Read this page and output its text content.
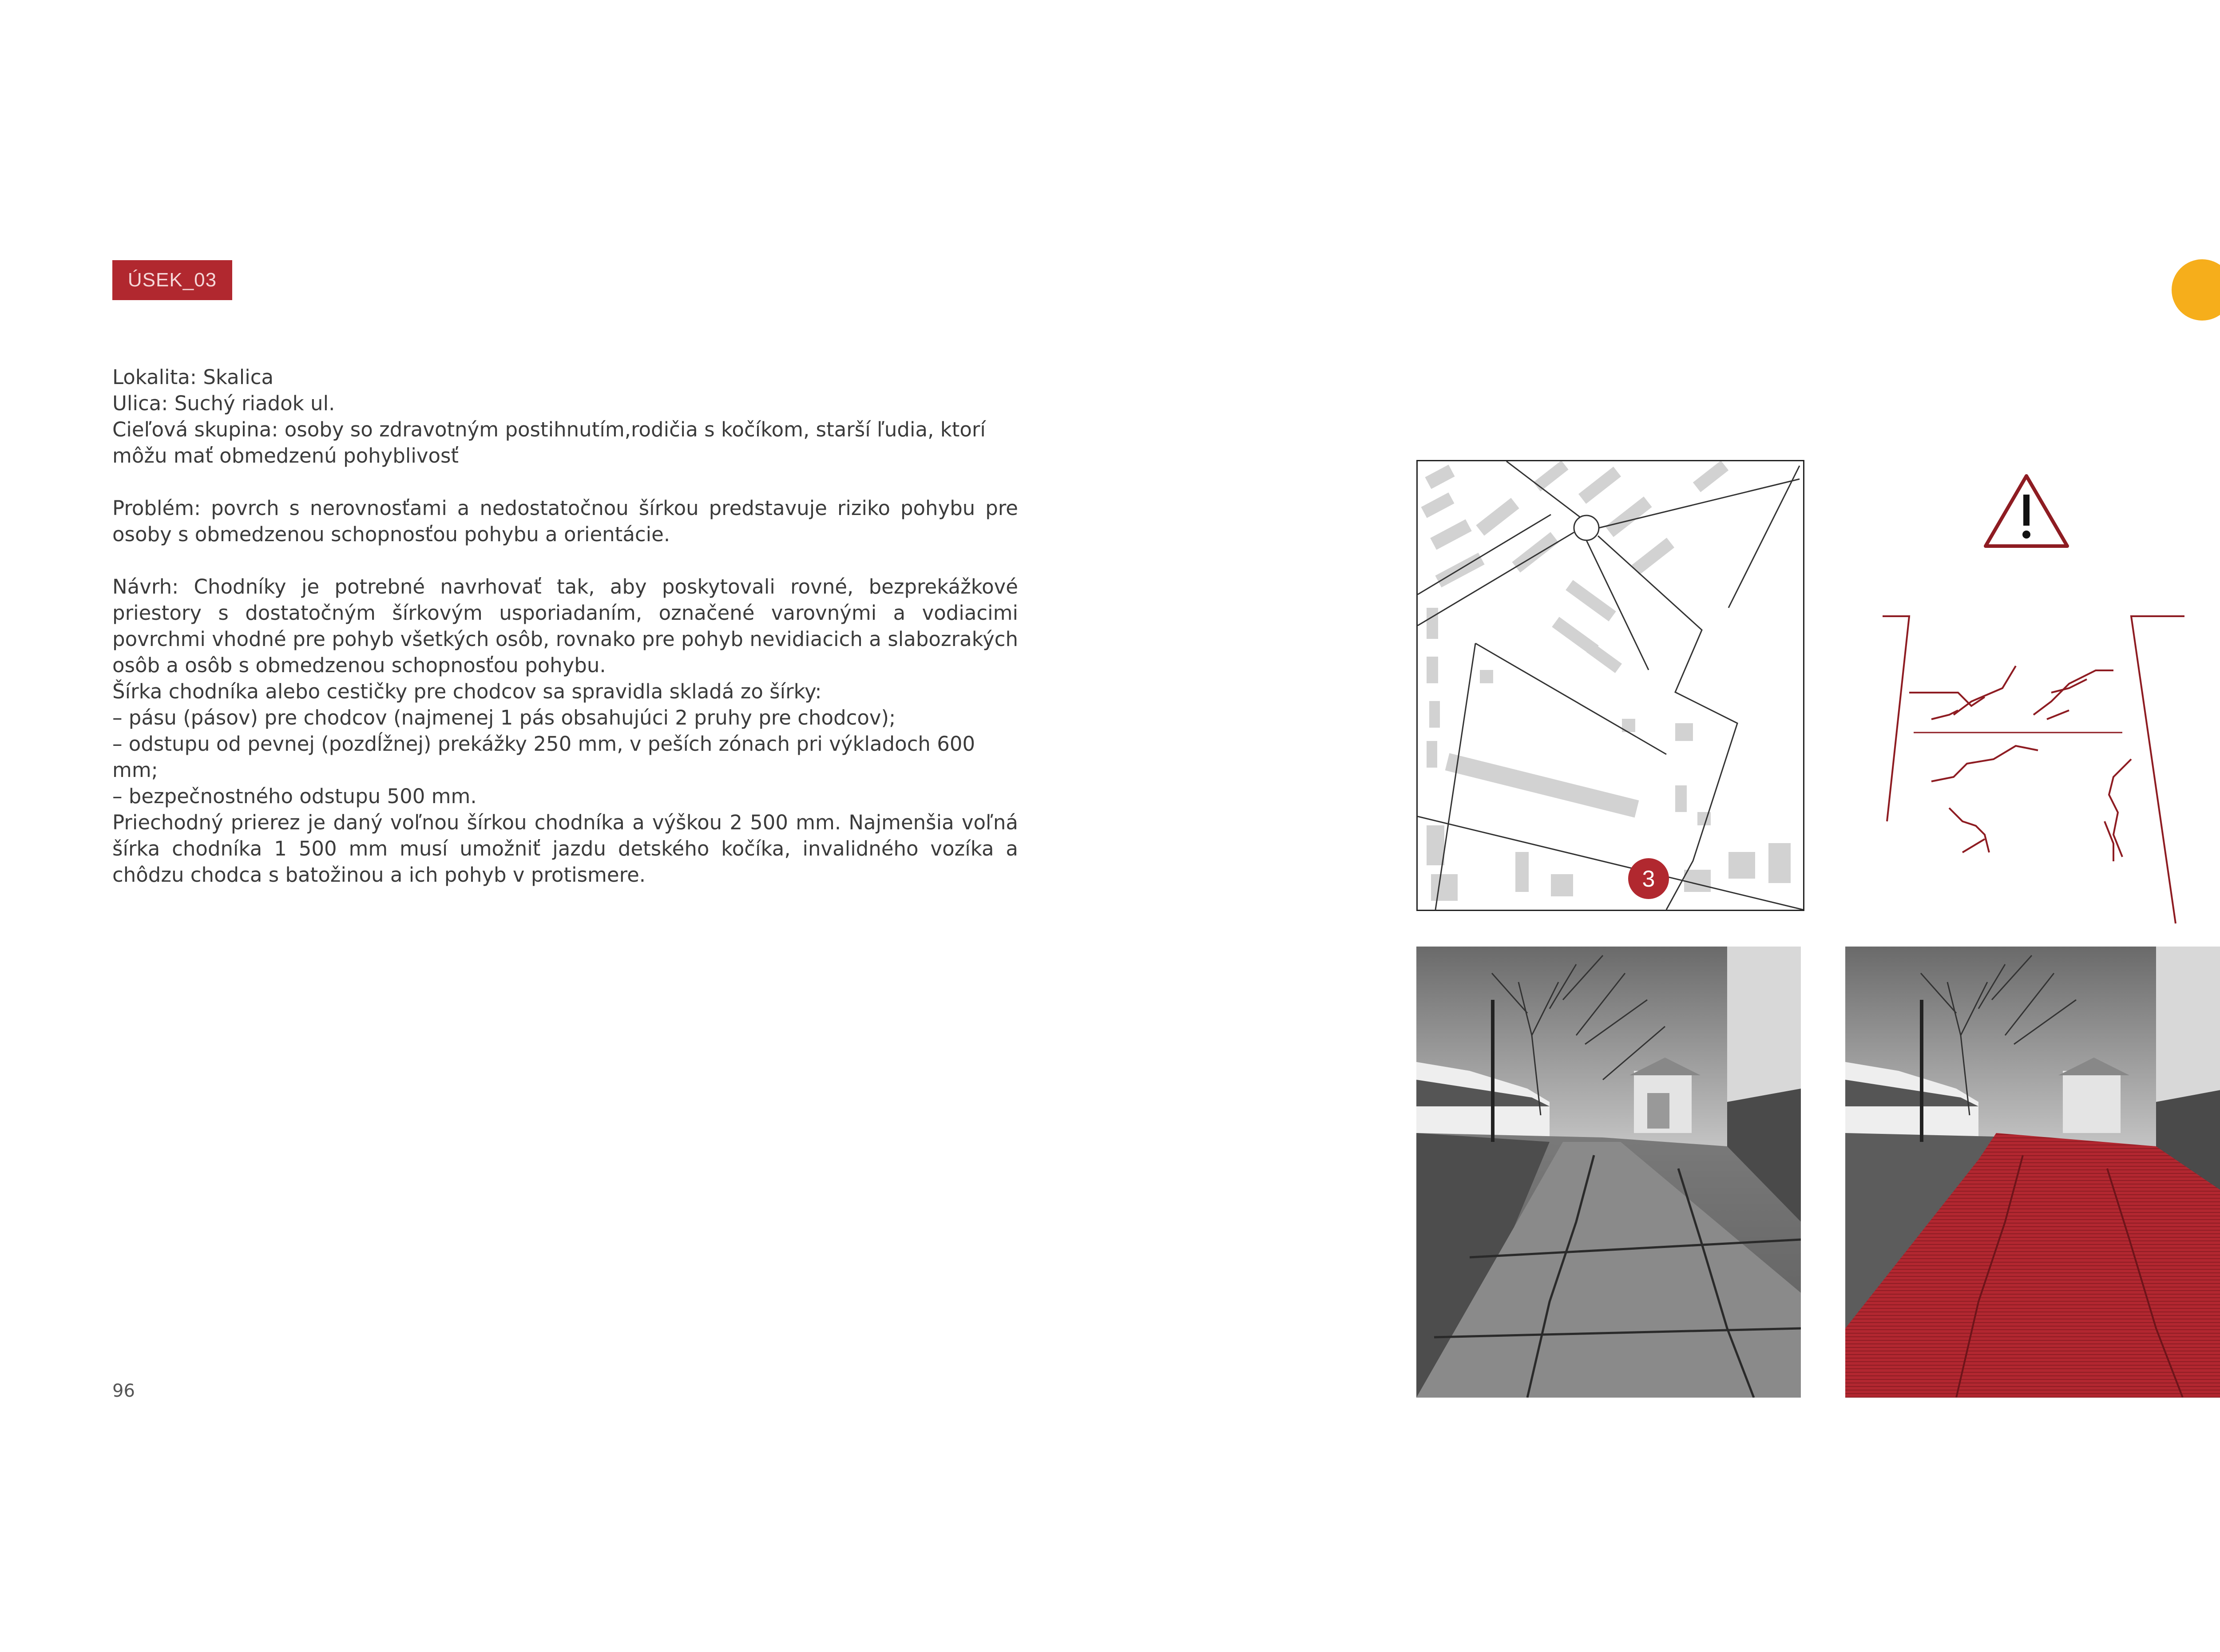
ÚSEK_03

Lokalita: Skalica

Ulica: Suchý riadok ul.

Cieľová skupina: osoby so zdravotným postihnutím,rodičia s kočíkom, starší ľudia, ktorí môžu mať obmedzenú pohyblivosť

Problém: povrch s nerovnosťami a nedostatočnou šírkou predstavuje riziko pohybu pre osoby s obmedzenou schopnosťou pohybu a orientácie.

Návrh: Chodníky je potrebné navrhovať tak, aby poskytovali rovné, bezprekážkové priestory s dostatočným šírkovým usporiadaním, označené varovnými a vodiacimi povrchmi vhodné pre pohyb všetkých osôb, rovnako pre pohyb nevidiacich a slabozrakých osôb a osôb s obmedzenou schopnosťou pohybu.

Šírka chodníka alebo cestičky pre chodcov sa spravidla skladá zo šírky:

– pásu (pásov) pre chodcov (najmenej 1 pás obsahujúci 2 pruhy pre chodcov);

– odstupu od pevnej (pozdĺžnej) prekážky 250 mm, v peších zónach pri výkladoch 600 mm;

– bezpečnostného odstupu 500 mm.

Priechodný prierez je daný voľnou šírkou chodníka a výškou 2 500 mm. Najmenšia voľná šírka chodníka 1 500 mm musí umožniť jazdu detského kočíka, invalidného vozíka a chôdzu chodca s batožinou a ich pohyb v protismere.

96
3
